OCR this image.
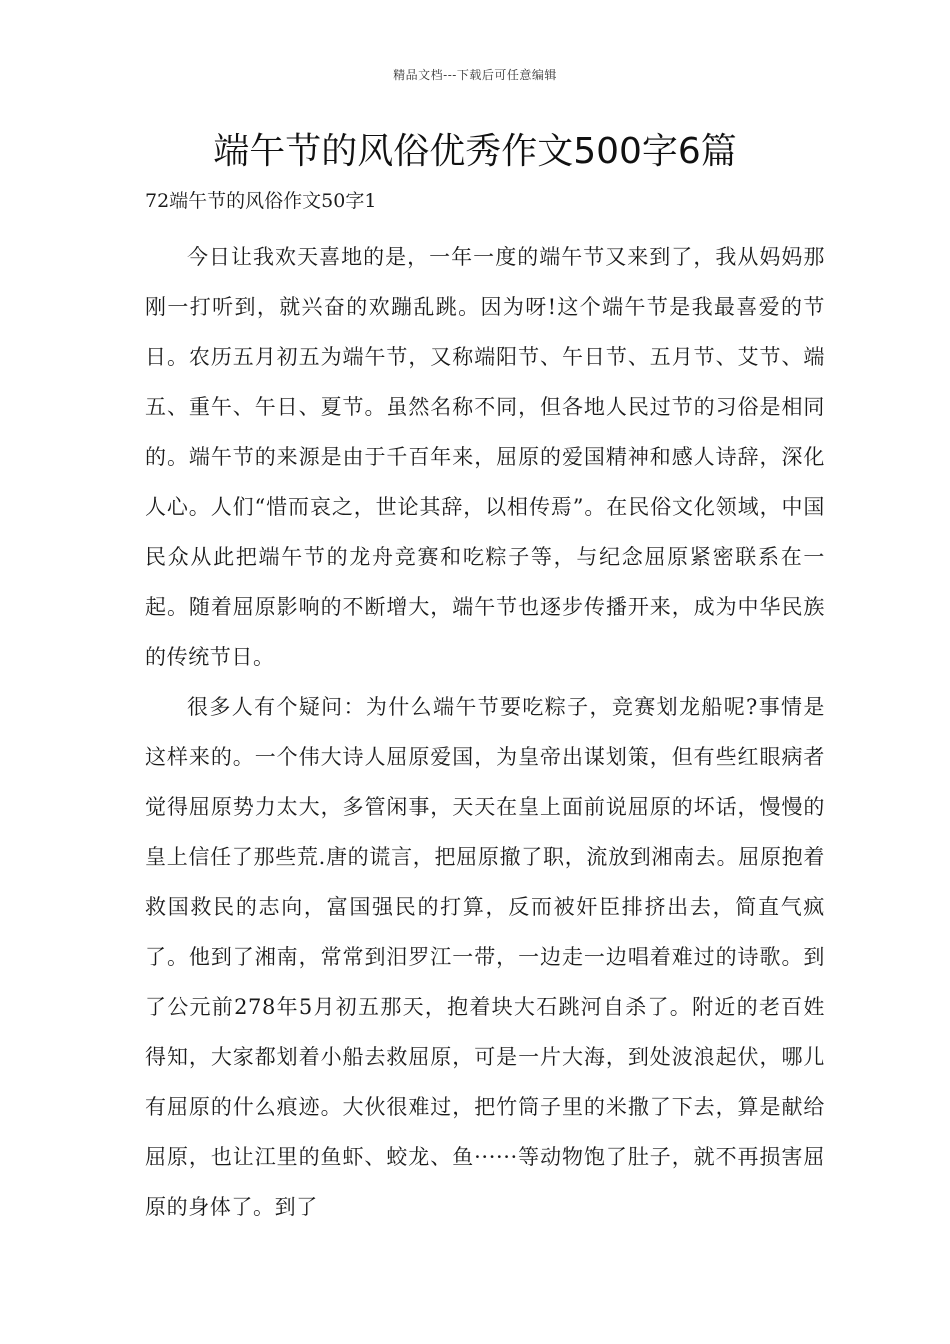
精品文档---下载后可任意编辑
端午节的风俗优秀作文500字6篇

72端午节的风俗作文50字1

今日让我欢天喜地的是，一年一度的端午节又来到了，我从妈妈那刚一打听到，就兴奋的欢蹦乱跳。因为呀!这个端午节是我最喜爱的节日。农历五月初五为端午节，又称端阳节、午日节、五月节、艾节、端五、重午、午日、夏节。虽然名称不同，但各地人民过节的习俗是相同的。端午节的来源是由于千百年来，屈原的爱国精神和感人诗辞，深化人心。人们“惜而哀之，世论其辞，以相传焉”。在民俗文化领域，中国民众从此把端午节的龙舟竞赛和吃粽子等，与纪念屈原紧密联系在一起。随着屈原影响的不断增大，端午节也逐步传播开来，成为中华民族的传统节日。

很多人有个疑问：为什么端午节要吃粽子，竞赛划龙船呢?事情是这样来的。一个伟大诗人屈原爱国，为皇帝出谋划策，但有些红眼病者觉得屈原势力太大，多管闲事，天天在皇上面前说屈原的坏话，慢慢的皇上信任了那些荒.唐的谎言，把屈原撤了职，流放到湘南去。屈原抱着救国救民的志向，富国强民的打算，反而被奸臣排挤出去，简直气疯了。他到了湘南，常常到汨罗江一带，一边走一边唱着难过的诗歌。到了公元前278年5月初五那天，抱着块大石跳河自杀了。附近的老百姓得知，大家都划着小船去救屈原，可是一片大海，到处波浪起伏，哪儿有屈原的什么痕迹。大伙很难过，把竹筒子里的米撒了下去，算是献给屈原，也让江里的鱼虾、蛟龙、鱼······等动物饱了肚子，就不再损害屈原的身体了。到了
